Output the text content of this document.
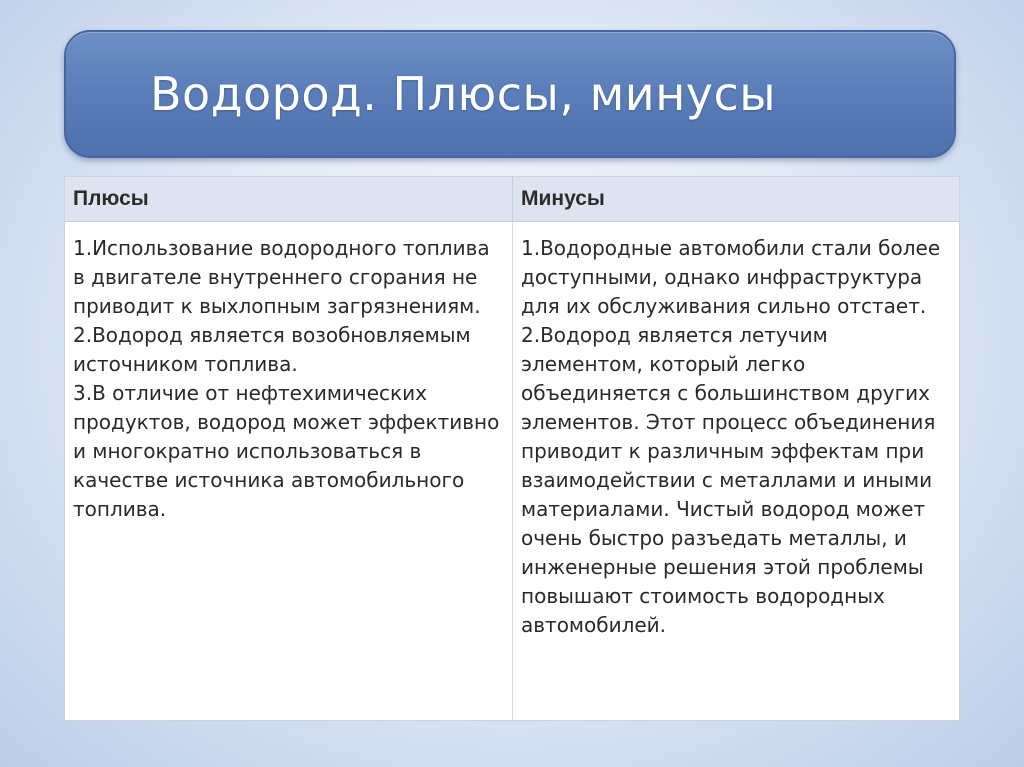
Водород. Плюсы, минусы
Плюсы	Минусы

1.Использование водородного топлива в двигателе внутреннего сгорания не приводит к выхлопным загрязнениям.

2.Водород является возобновляемым источником топлива.

3.В отличие от нефтехимических продуктов, водород может эффективно и многократно использоваться в качестве источника автомобильного топлива.

1.Водородные автомобили стали более доступными, однако инфраструктура для их обслуживания сильно отстает.

2.Водород является летучим элементом, который легко объединяется с большинством других элементов. Этот процесс объединения приводит к различным эффектам при взаимодействии с металлами и иными материалами. Чистый водород может очень быстро разъедать металлы, и инженерные решения этой проблемы повышают стоимость водородных автомобилей.
